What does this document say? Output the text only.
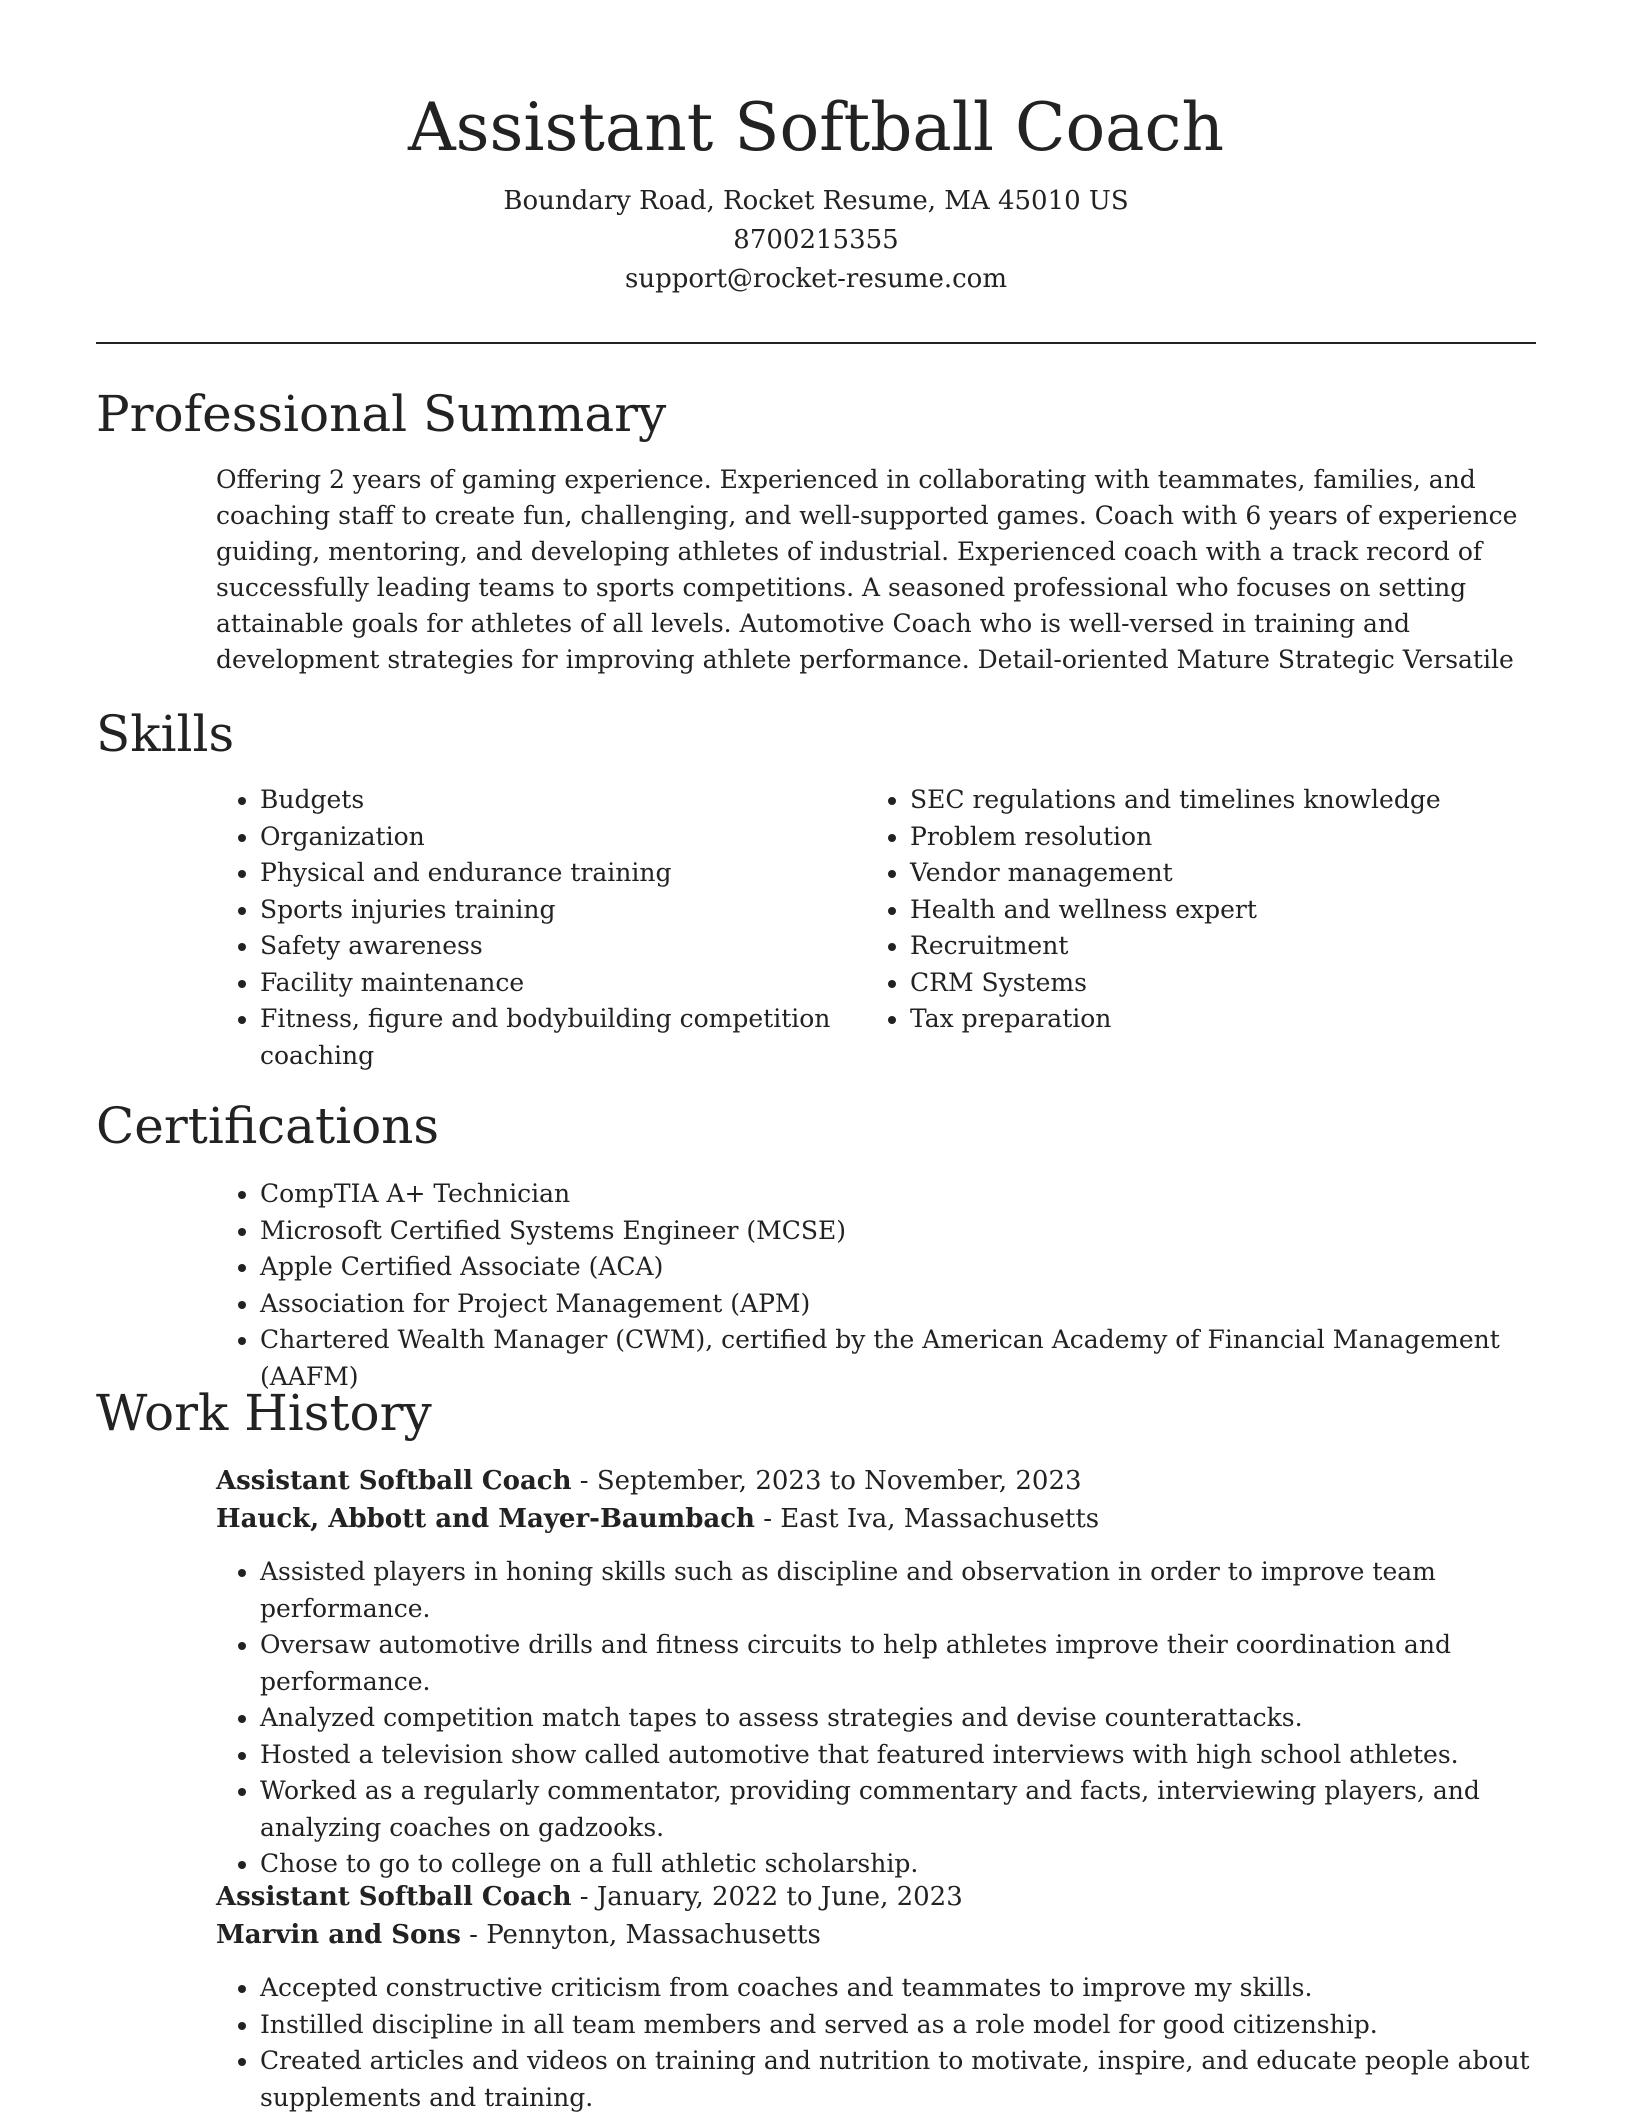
Assistant Softball Coach
Boundary Road, Rocket Resume, MA 45010 US
8700215355
support@rocket-resume.com
Professional Summary
Offering 2 years of gaming experience. Experienced in collaborating with teammates, families, and coaching staff to create fun, challenging, and well-supported games. Coach with 6 years of experience guiding, mentoring, and developing athletes of industrial. Experienced coach with a track record of successfully leading teams to sports competitions. A seasoned professional who focuses on setting attainable goals for athletes of all levels. Automotive Coach who is well-versed in training and development strategies for improving athlete performance. Detail-oriented Mature Strategic Versatile
Skills
• Budgets
• Organization
• Physical and endurance training
• Sports injuries training
• Safety awareness
• Facility maintenance
• Fitness, figure and bodybuilding competition coaching
• SEC regulations and timelines knowledge
• Problem resolution
• Vendor management
• Health and wellness expert
• Recruitment
• CRM Systems
• Tax preparation
Certifications
• CompTIA A+ Technician
• Microsoft Certified Systems Engineer (MCSE)
• Apple Certified Associate (ACA)
• Association for Project Management (APM)
• Chartered Wealth Manager (CWM), certified by the American Academy of Financial Management (AAFM)
Work History
Assistant Softball Coach - September, 2023 to November, 2023
Hauck, Abbott and Mayer-Baumbach - East Iva, Massachusetts
• Assisted players in honing skills such as discipline and observation in order to improve team performance.
• Oversaw automotive drills and fitness circuits to help athletes improve their coordination and performance.
• Analyzed competition match tapes to assess strategies and devise counterattacks.
• Hosted a television show called automotive that featured interviews with high school athletes.
• Worked as a regularly commentator, providing commentary and facts, interviewing players, and analyzing coaches on gadzooks.
• Chose to go to college on a full athletic scholarship.
Assistant Softball Coach - January, 2022 to June, 2023
Marvin and Sons - Pennyton, Massachusetts
• Accepted constructive criticism from coaches and teammates to improve my skills.
• Instilled discipline in all team members and served as a role model for good citizenship.
• Created articles and videos on training and nutrition to motivate, inspire, and educate people about supplements and training.
